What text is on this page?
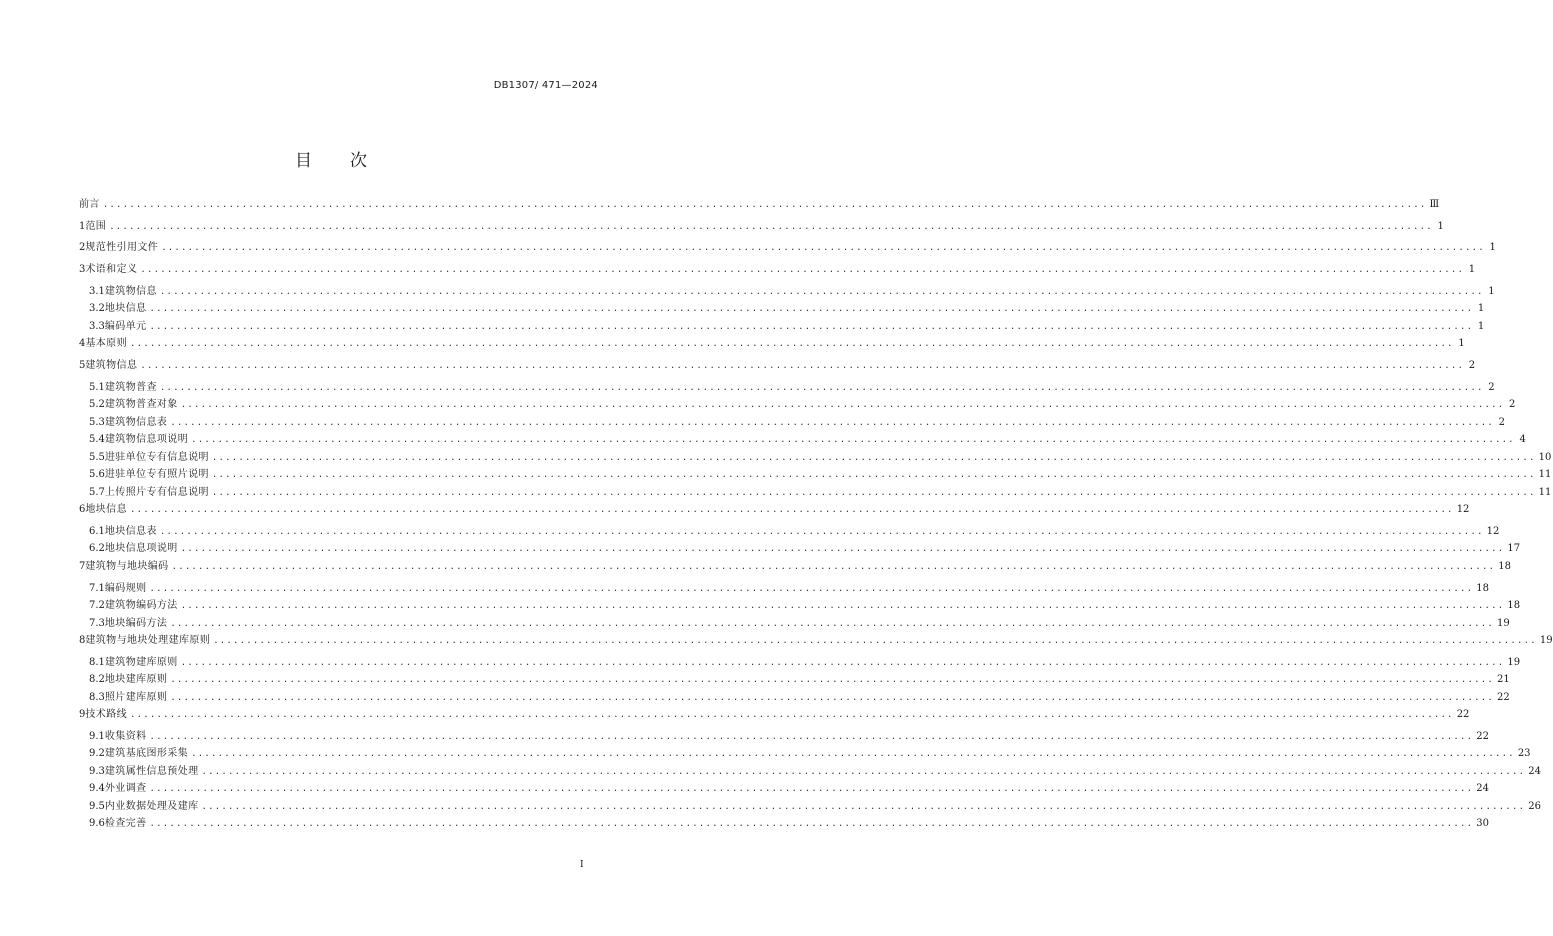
DB1307/ 471—2024
目 次
前言 ........................................................................................................................................................................................................ Ⅲ
1 范围 ........................................................................................................................................................................................................ 1
2 规范性引用文件 ........................................................................................................................................................................................................ 1
3 术语和定义 ........................................................................................................................................................................................................ 1
3.1 建筑物信息 ........................................................................................................................................................................................................ 1
3.2 地块信息 ........................................................................................................................................................................................................ 1
3.3 编码单元 ........................................................................................................................................................................................................ 1
4 基本原则 ........................................................................................................................................................................................................ 1
5 建筑物信息 ........................................................................................................................................................................................................ 2
5.1 建筑物普查 ........................................................................................................................................................................................................ 2
5.2 建筑物普查对象 ........................................................................................................................................................................................................ 2
5.3 建筑物信息表 ........................................................................................................................................................................................................ 2
5.4 建筑物信息项说明 ........................................................................................................................................................................................................ 4
5.5 进驻单位专有信息说明 ........................................................................................................................................................................................................ 10
5.6 进驻单位专有照片说明 ........................................................................................................................................................................................................ 11
5.7 上传照片专有信息说明 ........................................................................................................................................................................................................ 11
6 地块信息 ........................................................................................................................................................................................................ 12
6.1 地块信息表 ........................................................................................................................................................................................................ 12
6.2 地块信息项说明 ........................................................................................................................................................................................................ 17
7 建筑物与地块编码 ........................................................................................................................................................................................................ 18
7.1 编码规则 ........................................................................................................................................................................................................ 18
7.2 建筑物编码方法 ........................................................................................................................................................................................................ 18
7.3 地块编码方法 ........................................................................................................................................................................................................ 19
8 建筑物与地块处理建库原则 ........................................................................................................................................................................................................ 19
8.1 建筑物建库原则 ........................................................................................................................................................................................................ 19
8.2 地块建库原则 ........................................................................................................................................................................................................ 21
8.3 照片建库原则 ........................................................................................................................................................................................................ 22
9 技术路线 ........................................................................................................................................................................................................ 22
9.1 收集资料 ........................................................................................................................................................................................................ 22
9.2 建筑基底图形采集 ........................................................................................................................................................................................................ 23
9.3 建筑属性信息预处理 ........................................................................................................................................................................................................ 24
9.4 外业调查 ........................................................................................................................................................................................................ 24
9.5 内业数据处理及建库 ........................................................................................................................................................................................................ 26
9.6 检查完善 ........................................................................................................................................................................................................ 30
I
